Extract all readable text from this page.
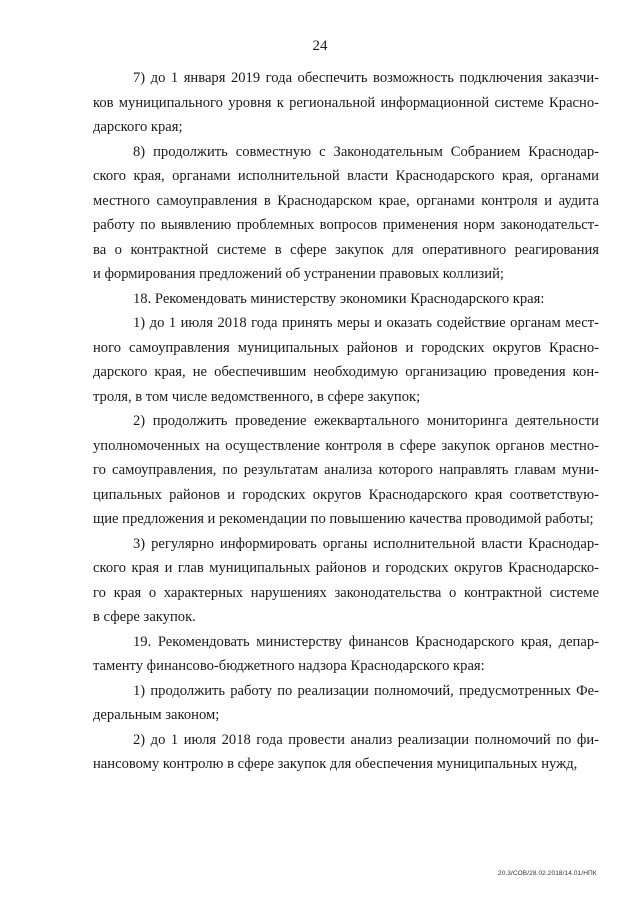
24
7) до 1 января 2019 года обеспечить возможность подключения заказчи-
ков муниципального уровня к региональной информационной системе Красно-
дарского края;
8) продолжить совместную с Законодательным Собранием Краснодар-
ского края, органами исполнительной власти Краснодарского края, органами
местного самоуправления в Краснодарском крае, органами контроля и аудита
работу по выявлению проблемных вопросов применения норм законодательст-
ва о контрактной системе в сфере закупок для оперативного реагирования
и формирования предложений об устранении правовых коллизий;
18. Рекомендовать министерству экономики Краснодарского края:
1) до 1 июля 2018 года принять меры и оказать содействие органам мест-
ного самоуправления муниципальных районов и городских округов Красно-
дарского края, не обеспечившим необходимую организацию проведения кон-
троля, в том числе ведомственного, в сфере закупок;
2) продолжить проведение ежеквартального мониторинга деятельности
уполномоченных на осуществление контроля в сфере закупок органов местно-
го самоуправления, по результатам анализа которого направлять главам муни-
ципальных районов и городских округов Краснодарского края соответствую-
щие предложения и рекомендации по повышению качества проводимой работы;
3) регулярно информировать органы исполнительной власти Краснодар-
ского края и глав муниципальных районов и городских округов Краснодарско-
го края о характерных нарушениях законодательства о контрактной системе
в сфере закупок.
19. Рекомендовать министерству финансов Краснодарского края, депар-
таменту финансово-бюджетного надзора Краснодарского края:
1) продолжить работу по реализации полномочий, предусмотренных Фе-
деральным законом;
2) до 1 июля 2018 года провести анализ реализации полномочий по фи-
нансовому контролю в сфере закупок для обеспечения муниципальных нужд,
20.3/СОВ/28.02.2018/14.01/НПК
